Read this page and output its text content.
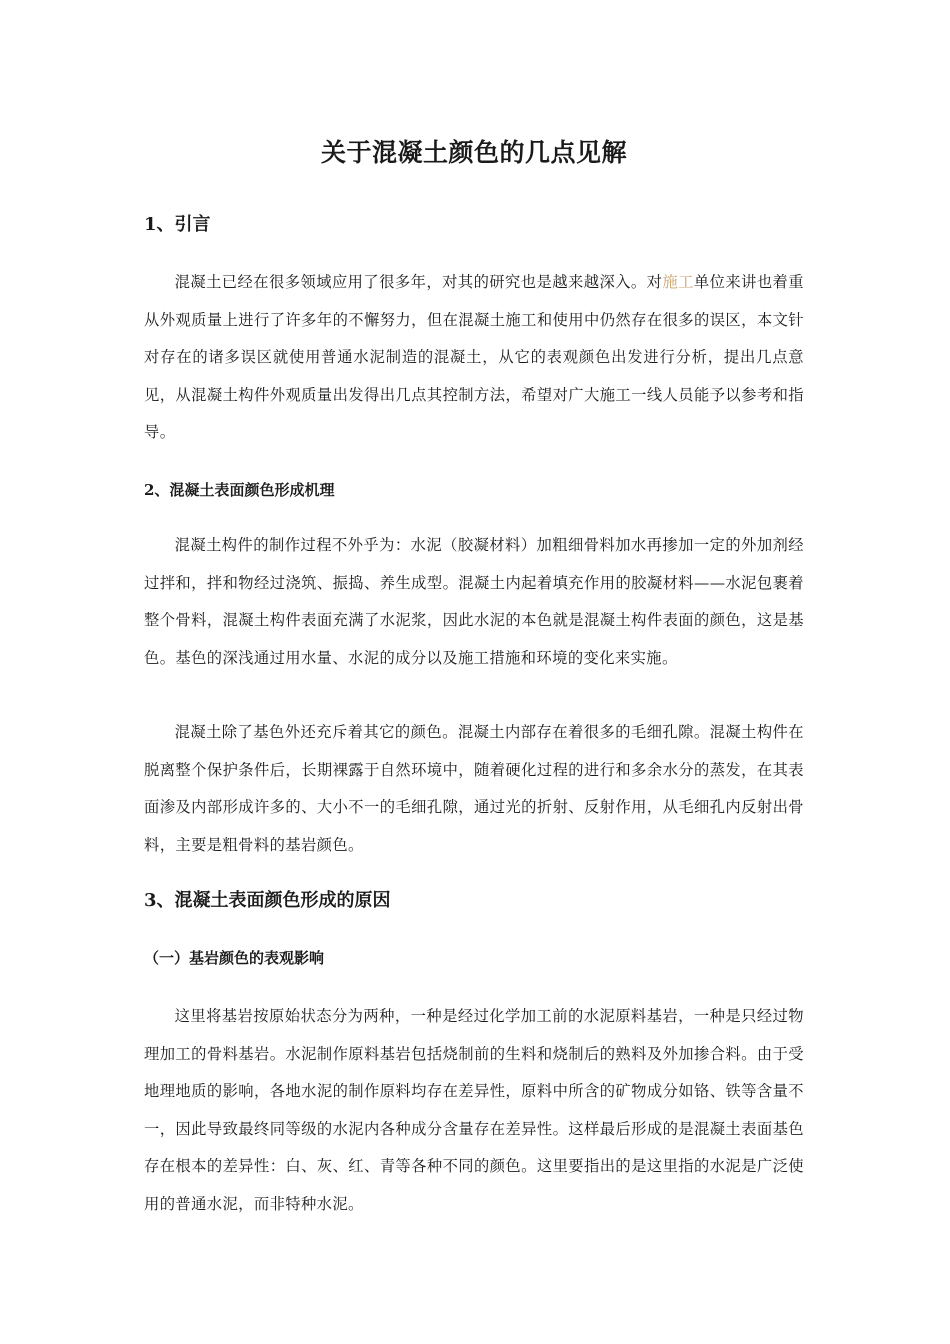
关于混凝土颜色的几点见解
1、引言

混凝土已经在很多领域应用了很多年，对其的研究也是越来越深入。对施工单位来讲也着重从外观质量上进行了许多年的不懈努力，但在混凝土施工和使用中仍然存在很多的误区，本文针对存在的诸多误区就使用普通水泥制造的混凝土，从它的表观颜色出发进行分析，提出几点意见，从混凝土构件外观质量出发得出几点其控制方法，希望对广大施工一线人员能予以参考和指导。

2、混凝土表面颜色形成机理

混凝土构件的制作过程不外乎为：水泥（胶凝材料）加粗细骨料加水再掺加一定的外加剂经过拌和，拌和物经过浇筑、振捣、养生成型。混凝土内起着填充作用的胶凝材料——水泥包裹着整个骨料，混凝土构件表面充满了水泥浆，因此水泥的本色就是混凝土构件表面的颜色，这是基色。基色的深浅通过用水量、水泥的成分以及施工措施和环境的变化来实施。

混凝土除了基色外还充斥着其它的颜色。混凝土内部存在着很多的毛细孔隙。混凝土构件在脱离整个保护条件后，长期裸露于自然环境中，随着硬化过程的进行和多余水分的蒸发，在其表面渗及内部形成许多的、大小不一的毛细孔隙，通过光的折射、反射作用，从毛细孔内反射出骨料，主要是粗骨料的基岩颜色。

3、混凝土表面颜色形成的原因
（一）基岩颜色的表观影响

这里将基岩按原始状态分为两种，一种是经过化学加工前的水泥原料基岩，一种是只经过物理加工的骨料基岩。水泥制作原料基岩包括烧制前的生料和烧制后的熟料及外加掺合料。由于受地理地质的影响，各地水泥的制作原料均存在差异性，原料中所含的矿物成分如铬、铁等含量不一，因此导致最终同等级的水泥内各种成分含量存在差异性。这样最后形成的是混凝土表面基色存在根本的差异性：白、灰、红、青等各种不同的颜色。这里要指出的是这里指的水泥是广泛使用的普通水泥，而非特种水泥。
